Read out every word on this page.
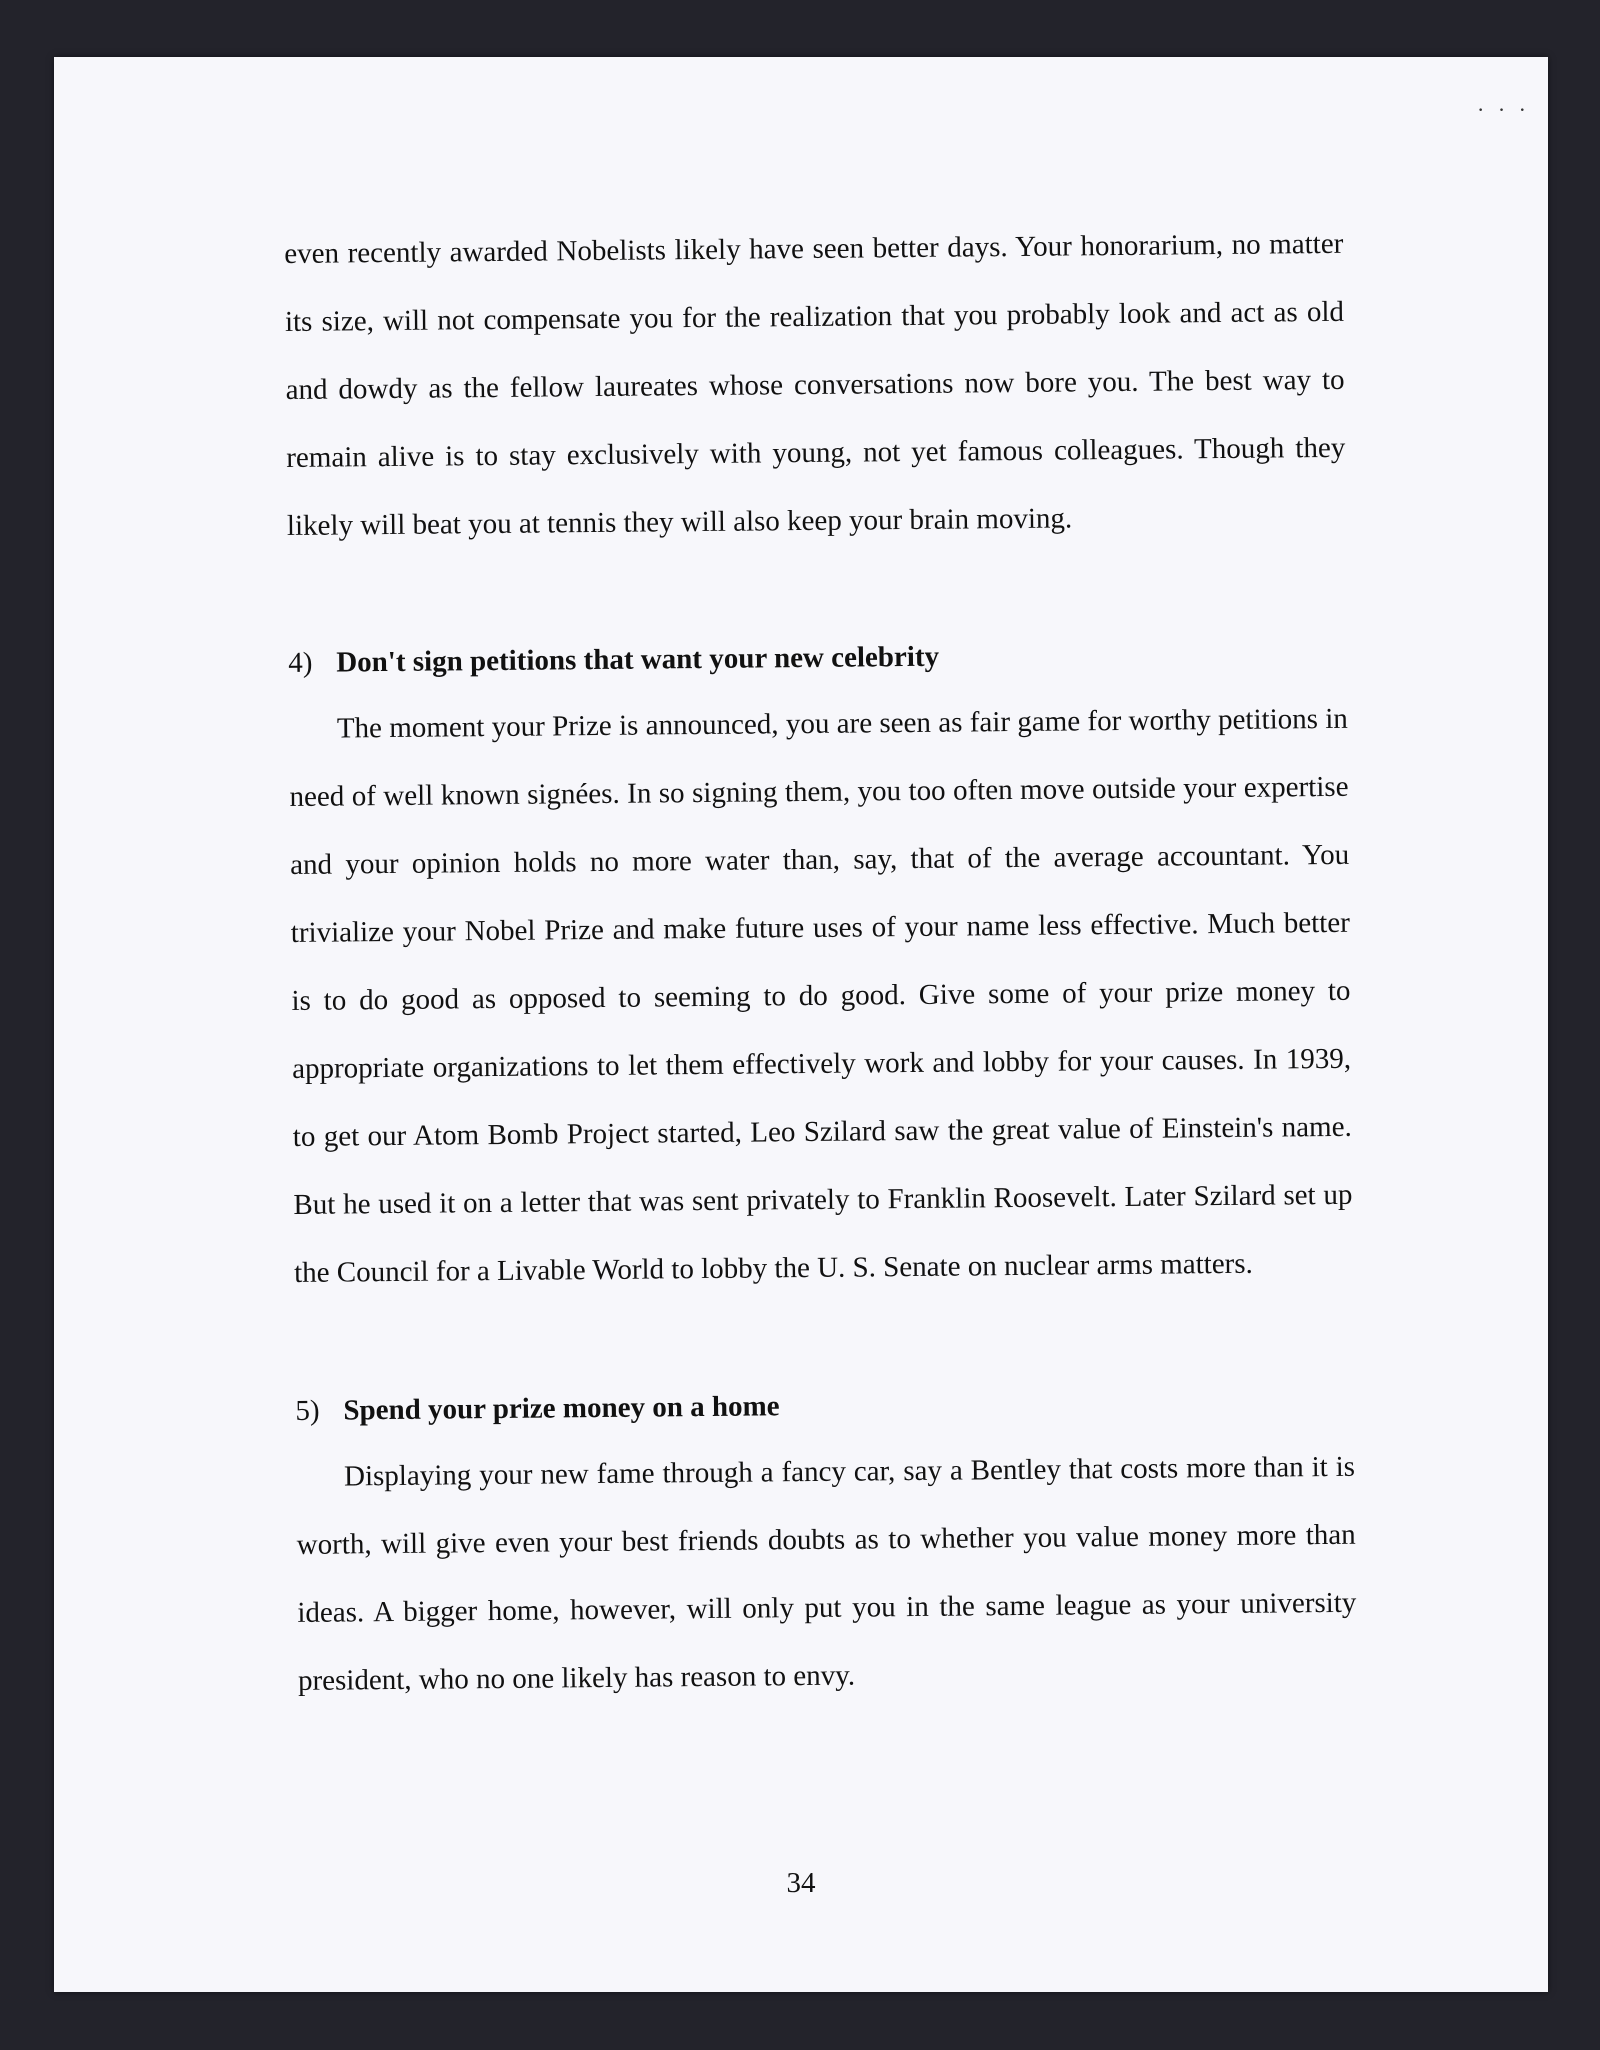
· · ·

even recently awarded Nobelists likely have seen better days. Your honorarium, no matter its size, will not compensate you for the realization that you probably look and act as old and dowdy as the fellow laureates whose conversations now bore you. The best way to remain alive is to stay exclusively with young, not yet famous colleagues. Though they likely will beat you at tennis they will also keep your brain moving.

4) Don't sign petitions that want your new celebrity

The moment your Prize is announced, you are seen as fair game for worthy petitions in need of well known signées. In so signing them, you too often move outside your expertise and your opinion holds no more water than, say, that of the average accountant. You trivialize your Nobel Prize and make future uses of your name less effective. Much better is to do good as opposed to seeming to do good. Give some of your prize money to appropriate organizations to let them effectively work and lobby for your causes. In 1939, to get our Atom Bomb Project started, Leo Szilard saw the great value of Einstein's name. But he used it on a letter that was sent privately to Franklin Roosevelt. Later Szilard set up the Council for a Livable World to lobby the U. S. Senate on nuclear arms matters.

5) Spend your prize money on a home

Displaying your new fame through a fancy car, say a Bentley that costs more than it is worth, will give even your best friends doubts as to whether you value money more than ideas. A bigger home, however, will only put you in the same league as your university president, who no one likely has reason to envy.

34
